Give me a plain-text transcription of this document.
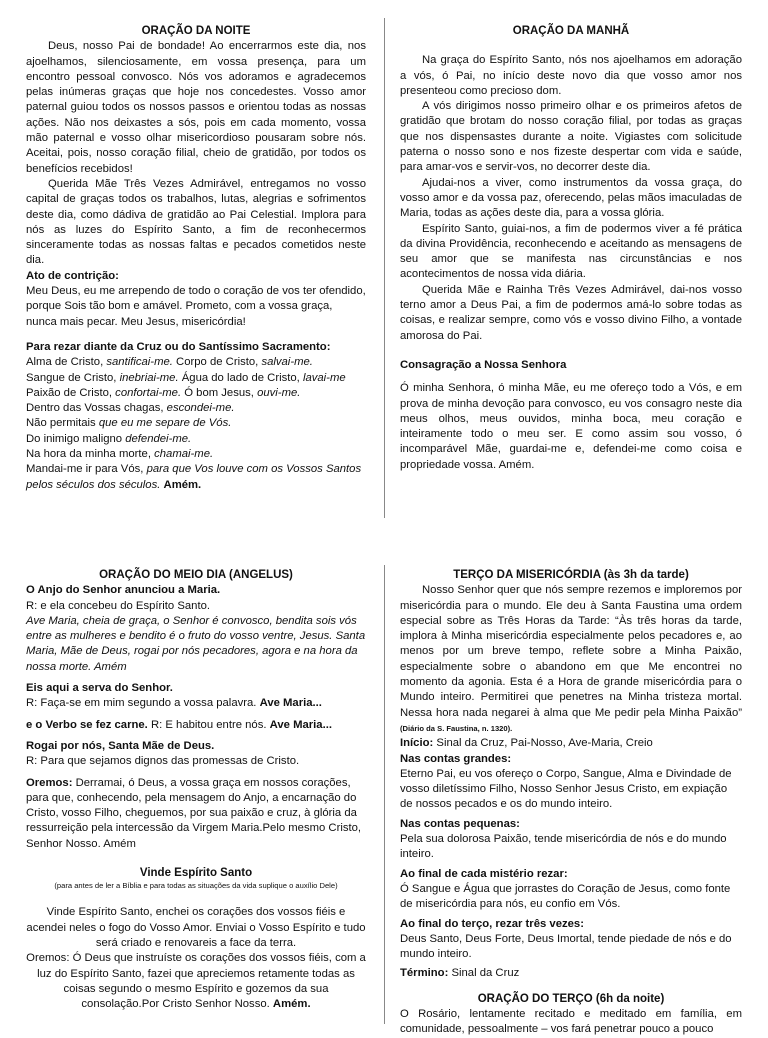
ORAÇÃO DA NOITE

Deus, nosso Pai de bondade! Ao encerrarmos este dia, nos ajoelhamos, silenciosamente, em vossa presença, para um encontro pessoal convosco. Nós vos adoramos e agradecemos pelas inúmeras graças que hoje nos concedestes. Vosso amor paternal guiou todos os nossos passos e orientou todas as nossas ações. Não nos deixastes a sós, pois em cada momento, vossa mão paternal e vosso olhar misericordioso pousaram sobre nós. Aceitai, pois, nosso coração filial, cheio de gratidão, por todos os benefícios recebidos!

Querida Mãe Três Vezes Admirável, entregamos no vosso capital de graças todos os trabalhos, lutas, alegrias e sofrimentos deste dia, como dádiva de gratidão ao Pai Celestial. Implora para nós as luzes do Espírito Santo, a fim de reconhecermos sinceramente todas as nossas faltas e pecados cometidos neste dia.

Ato de contrição:

Meu Deus, eu me arrependo de todo o coração de vos ter ofendido, porque Sois tão bom e amável. Prometo, com a vossa graça, nunca mais pecar. Meu Jesus, misericórdia!

Para rezar diante da Cruz ou do Santíssimo Sacramento:

Alma de Cristo, santificai-me. Corpo de Cristo, salvai-me.

Sangue de Cristo, inebriai-me. Água do lado de Cristo, lavai-me

Paixão de Cristo, confortai-me. Ó bom Jesus, ouvi-me.

Dentro das Vossas chagas, escondei-me.

Não permitais que eu me separe de Vós.

Do inimigo maligno defendei-me.

Na hora da minha morte, chamai-me.

Mandai-me ir para Vós, para que Vos louve com os Vossos Santos pelos séculos dos séculos. Amém.

ORAÇÃO DA MANHÃ

Na graça do Espírito Santo, nós nos ajoelhamos em adoração a vós, ó Pai, no início deste novo dia que vosso amor nos presenteou como precioso dom.

A vós dirigimos nosso primeiro olhar e os primeiros afetos de gratidão que brotam do nosso coração filial, por todas as graças que nos dispensastes durante a noite. Vigiastes com solicitude paterna o nosso sono e nos fizeste despertar com vida e saúde, para amar-vos e servir-vos, no decorrer deste dia.

Ajudai-nos a viver, como instrumentos da vossa graça, do vosso amor e da vossa paz, oferecendo, pelas mãos imaculadas de Maria, todas as ações deste dia, para a vossa glória.

Espírito Santo, guiai-nos, a fim de podermos viver a fé prática da divina Providência, reconhecendo e aceitando as mensagens de seu amor que se manifesta nas circunstâncias e nos acontecimentos de nossa vida diária.

Querida Mãe e Rainha Três Vezes Admirável, dai-nos vosso terno amor a Deus Pai, a fim de podermos amá-lo sobre todas as coisas, e realizar sempre, como vós e vosso divino Filho, a vontade amorosa do Pai.

Consagração a Nossa Senhora

Ó minha Senhora, ó minha Mãe, eu me ofereço todo a Vós, e em prova de minha devoção para convosco, eu vos consagro neste dia meus olhos, meus ouvidos, minha boca, meu coração e inteiramente todo o meu ser. E como assim sou vosso, ó incomparável Mãe, guardai-me e, defendei-me como coisa e propriedade vossa. Amém.

ORAÇÃO DO MEIO DIA (ANGELUS)

O Anjo do Senhor anunciou a Maria.

R: e ela concebeu do Espírito Santo.

Ave Maria, cheia de graça, o Senhor é convosco, bendita sois vós entre as mulheres e bendito é o fruto do vosso ventre, Jesus. Santa Maria, Mãe de Deus, rogai por nós pecadores, agora e na hora da nossa morte. Amém

Eis aqui a serva do Senhor.

R: Faça-se em mim segundo a vossa palavra. Ave Maria...

e o Verbo se fez carne. R: E habitou entre nós. Ave Maria...

Rogai por nós, Santa Mãe de Deus.

R: Para que sejamos dignos das promessas de Cristo.

Oremos: Derramai, ó Deus, a vossa graça em nossos corações, para que, conhecendo, pela mensagem do Anjo, a encarnação do Cristo, vosso Filho, cheguemos, por sua paixão e cruz, à glória da ressurreição pela intercessão da Virgem Maria.Pelo mesmo Cristo, Senhor Nosso. Amém

Vinde Espírito Santo

(para antes de ler a Bíblia e para todas as situações da vida suplique o auxílio Dele)

Vinde Espírito Santo, enchei os corações dos vossos fiéis e acendei neles o fogo do Vosso Amor. Enviai o Vosso Espírito e tudo será criado e renovareis a face da terra.

Oremos: Ó Deus que instruíste os corações dos vossos fiéis, com a luz do Espírito Santo, fazei que apreciemos retamente todas as coisas segundo o mesmo Espírito e gozemos da sua consolação.Por Cristo Senhor Nosso. Amém.

TERÇO DA MISERICÓRDIA (às 3h da tarde)

Nosso Senhor quer que nós sempre rezemos e imploremos por misericórdia para o mundo. Ele deu à Santa Faustina uma ordem especial sobre as Três Horas da Tarde: “Às três horas da tarde, implora à Minha misericórdia especialmente pelos pecadores e, ao menos por um breve tempo, reflete sobre a Minha Paixão, especialmente sobre o abandono em que Me encontrei no momento da agonia. Esta é a Hora de grande misericórdia para o Mundo inteiro. Permitirei que penetres na Minha tristeza mortal. Nessa hora nada negarei à alma que Me pedir pela Minha Paixão” (Diário da S. Faustina, n. 1320).

Início: Sinal da Cruz, Pai-Nosso, Ave-Maria, Creio

Nas contas grandes:

Eterno Pai, eu vos ofereço o Corpo, Sangue, Alma e Divindade de vosso diletíssimo Filho, Nosso Senhor Jesus Cristo, em expiação de nossos pecados e os do mundo inteiro.

Nas contas pequenas:

Pela sua dolorosa Paixão, tende misericórdia de nós e do mundo inteiro.

Ao final de cada mistério rezar:

Ó Sangue e Água que jorrastes do Coração de Jesus, como fonte de misericórdia para nós, eu confio em Vós.

Ao final do terço, rezar três vezes:

Deus Santo, Deus Forte, Deus Imortal, tende piedade de nós e do mundo inteiro.

Término: Sinal da Cruz

ORAÇÃO DO TERÇO (6h da noite)

O Rosário, lentamente recitado e meditado em família, em comunidade, pessoalmente – vos fará penetrar pouco a pouco
